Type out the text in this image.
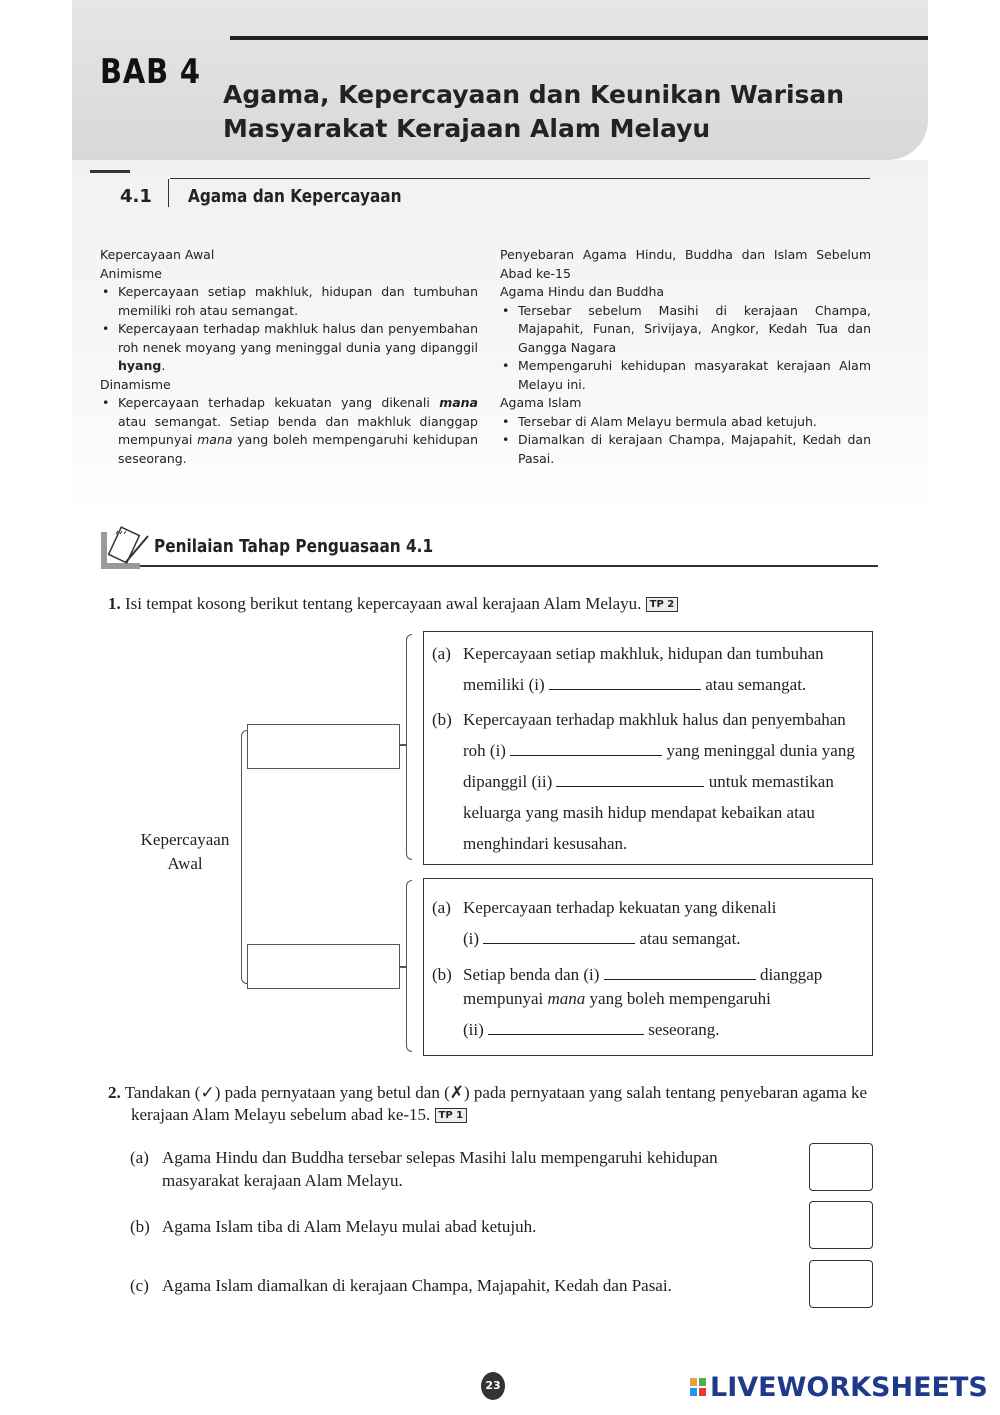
BAB 4
Agama, Kepercayaan dan Keunikan Warisan Masyarakat Kerajaan Alam Melayu
4.1 Agama dan Kepercayaan
Kepercayaan Awal
Animisme
• Kepercayaan setiap makhluk, hidupan dan tumbuhan memiliki roh atau semangat.
• Kepercayaan terhadap makhluk halus dan penyembahan roh nenek moyang yang meninggal dunia yang dipanggil hyang.
Dinamisme
• Kepercayaan terhadap kekuatan yang dikenali mana atau semangat. Setiap benda dan makhluk dianggap mempunyai mana yang boleh mempengaruhi kehidupan seseorang.
Penyebaran Agama Hindu, Buddha dan Islam Sebelum Abad ke-15
Agama Hindu dan Buddha
• Tersebar sebelum Masihi di kerajaan Champa, Majapahit, Funan, Srivijaya, Angkor, Kedah Tua dan Gangga Nagara
• Mempengaruhi kehidupan masyarakat kerajaan Alam Melayu ini.
Agama Islam
• Tersebar di Alam Melayu bermula abad ketujuh.
• Diamalkan di kerajaan Champa, Majapahit, Kedah dan Pasai.
Penilaian Tahap Penguasaan 4.1
1. Isi tempat kosong berikut tentang kepercayaan awal kerajaan Alam Melayu. TP 2
Kepercayaan
Awal
(a) Kepercayaan setiap makhluk, hidupan dan tumbuhan
memiliki (i)	atau semangat.
(b) Kepercayaan terhadap makhluk halus dan penyembahan
roh (i)	yang meninggal dunia yang
dipanggil (ii)	untuk memastikan
keluarga yang masih hidup mendapat kebaikan atau
menghindari kesusahan.
(a) Kepercayaan terhadap kekuatan yang dikenali
(i)	atau semangat.
(b) Setiap benda dan (i)	dianggap
mempunyai mana yang boleh mempengaruhi
(ii)	seseorang.
2. Tandakan (✓) pada pernyataan yang betul dan (✗) pada pernyataan yang salah tentang penyebaran agama ke
kerajaan Alam Melayu sebelum abad ke-15. TP 1
(a) Agama Hindu dan Buddha tersebar selepas Masihi lalu mempengaruhi kehidupan
masyarakat kerajaan Alam Melayu.
(b) Agama Islam tiba di Alam Melayu mulai abad ketujuh.
(c) Agama Islam diamalkan di kerajaan Champa, Majapahit, Kedah dan Pasai.
23	LIVEWORKSHEETS
